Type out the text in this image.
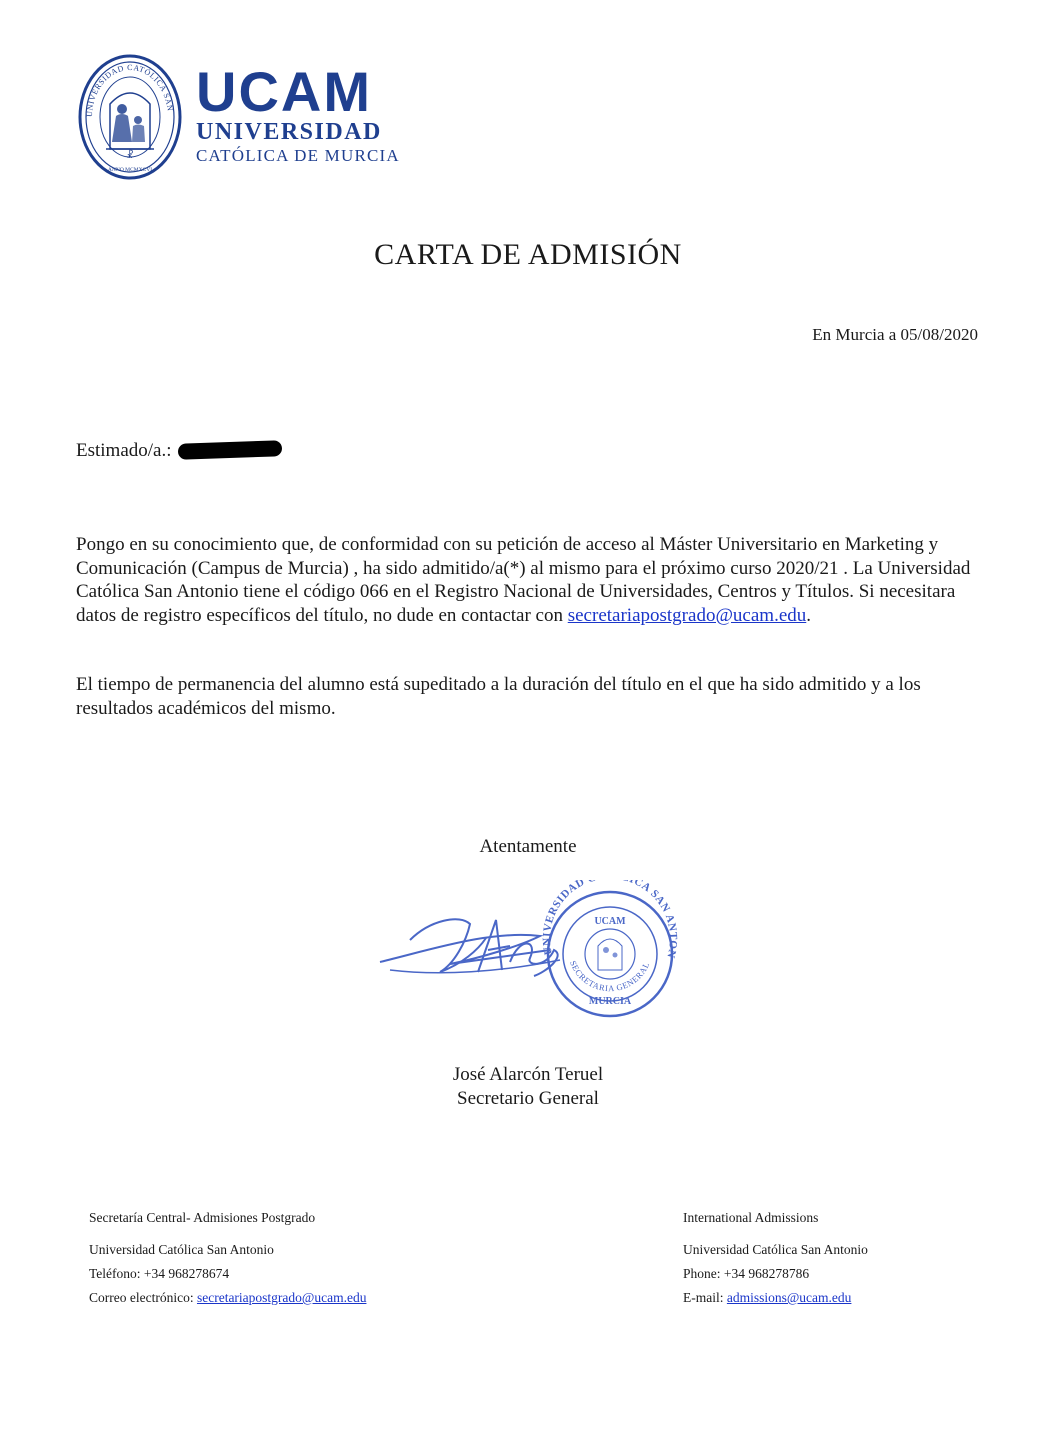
UNIVERSIDAD CATÓLICA SAN
☧
ANNO MCMXCVI
UCAM
UNIVERSIDAD
CATÓLICA DE MURCIA
CARTA DE ADMISIÓN
En Murcia a 05/08/2020
Estimado/a.:
Pongo en su conocimiento que, de conformidad con su petición de acceso al Máster Universitario en Marketing y Comunicación (Campus de Murcia) , ha sido admitido/a(*) al mismo para el próximo curso 2020/21 . La Universidad Católica San Antonio tiene el código 066 en el Registro Nacional de Universidades, Centros y Títulos. Si necesitara datos de registro específicos del título, no dude en contactar con secretariapostgrado@ucam.edu.
El tiempo de permanencia del alumno está supeditado a la duración del título en el que ha sido admitido y a los resultados académicos del mismo.
Atentamente
UNIVERSIDAD CA SAN ANTON
SECRETARIA GENERAL
UCAM
MURCIA
José Alarcón Teruel
Secretario General
Secretaría Central- Admisiones Postgrado
Universidad Católica San Antonio
Teléfono: +34 968278674
Correo electrónico: secretariapostgrado@ucam.edu
International Admissions
Universidad Católica San Antonio
Phone: +34 968278786
E-mail: admissions@ucam.edu
